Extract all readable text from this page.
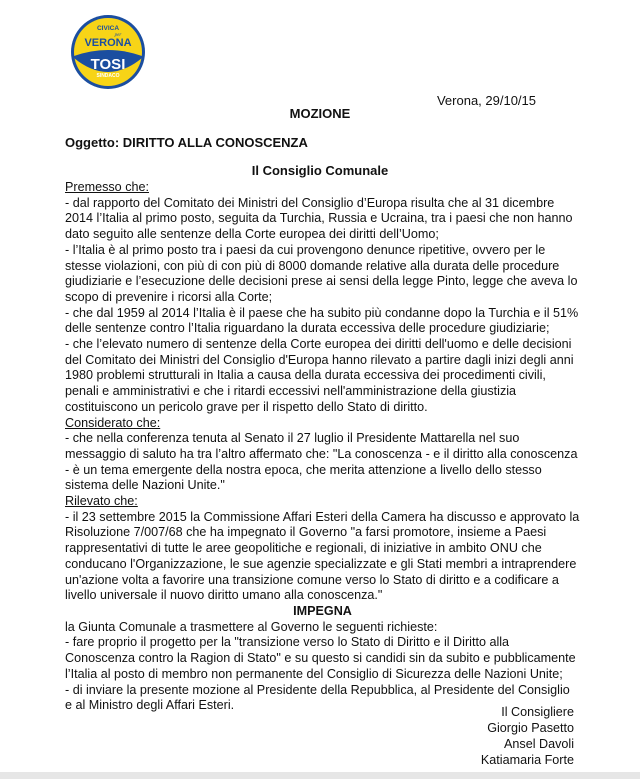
CIVICA
per
VERONA
TOSI
SINDACO
Verona, 29/10/15
MOZIONE
Oggetto: DIRITTO ALLA CONOSCENZA
Il Consiglio Comunale

Premesso che:

- dal rapporto del Comitato dei Ministri del Consiglio d’Europa risulta che al 31 dicembre 2014 l’Italia al primo posto, seguita da Turchia, Russia e Ucraina, tra i paesi che non hanno dato seguito alle sentenze della Corte europea dei diritti dell’Uomo;

- l’Italia è al primo posto tra i paesi da cui provengono denunce ripetitive, ovvero per le stesse violazioni, con più di con più di 8000 domande relative alla durata delle procedure giudiziarie e l’esecuzione delle decisioni prese ai sensi della legge Pinto, legge che aveva lo scopo di prevenire i ricorsi alla Corte;

- che dal 1959 al 2014 l’Italia è il paese che ha subito più condanne dopo la Turchia e il 51% delle sentenze contro l’Italia riguardano la durata eccessiva delle procedure giudiziarie;

- che l’elevato numero di sentenze della Corte europea dei diritti dell'uomo e delle decisioni del Comitato dei Ministri del Consiglio d'Europa hanno rilevato a partire dagli inizi degli anni 1980 problemi strutturali in Italia a causa della durata eccessiva dei procedimenti civili, penali e amministrativi e che i ritardi eccessivi nell'amministrazione della giustizia costituiscono un pericolo grave per il rispetto dello Stato di diritto.

Considerato che:

- che nella conferenza tenuta al Senato il 27 luglio il Presidente Mattarella nel suo messaggio di saluto ha tra l’altro affermato che: "La conoscenza - e il diritto alla conoscenza - è un tema emergente della nostra epoca, che merita attenzione a livello dello stesso sistema delle Nazioni Unite."

Rilevato che:

- il 23 settembre 2015 la Commissione Affari Esteri della Camera ha discusso e approvato la Risoluzione 7/007/68 che ha impegnato il Governo "a farsi promotore, insieme a Paesi rappresentativi di tutte le aree geopolitiche e regionali, di iniziative in ambito ONU che conducano l'Organizzazione, le sue agenzie specializzate e gli Stati membri a intraprendere un'azione volta a favorire una transizione comune verso lo Stato di diritto e a codificare a livello universale il nuovo diritto umano alla conoscenza."

IMPEGNA

la Giunta Comunale a trasmettere al Governo le seguenti richieste:

- fare proprio il progetto per la "transizione verso lo Stato di Diritto e il Diritto alla Conoscenza contro la Ragion di Stato" e su questo si candidi sin da subito e pubblicamente l’Italia al posto di membro non permanente del Consiglio di Sicurezza delle Nazioni Unite;

- di inviare la presente mozione al Presidente della Repubblica, al Presidente del Consiglio e al Ministro degli Affari Esteri.	Il Consigliere
Giorgio Pasetto
Ansel Davoli
Katiamaria Forte
